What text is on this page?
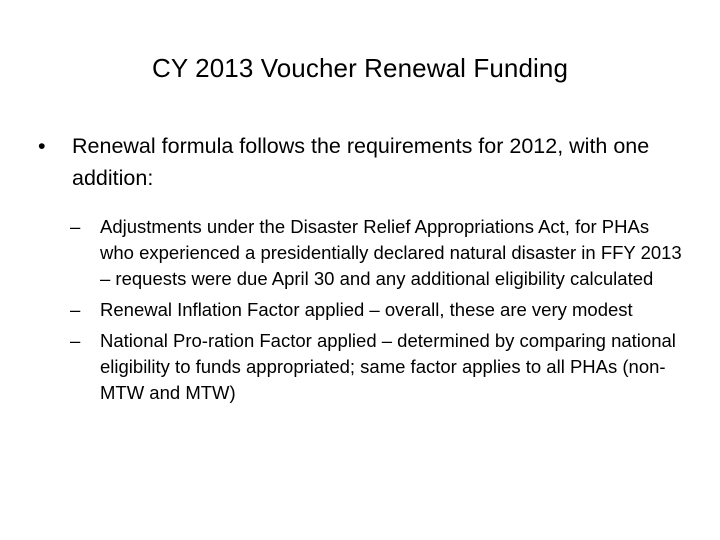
CY 2013 Voucher Renewal Funding
• Renewal formula follows the requirements for 2012, with one addition:
– Adjustments under the Disaster Relief Appropriations Act, for PHAs who experienced a presidentially declared natural disaster in FFY 2013 – requests were due April 30 and any additional eligibility calculated
– Renewal Inflation Factor applied – overall, these are very modest
– National Pro-ration Factor applied – determined by comparing national eligibility to funds appropriated; same factor applies to all PHAs (non-MTW and MTW)
